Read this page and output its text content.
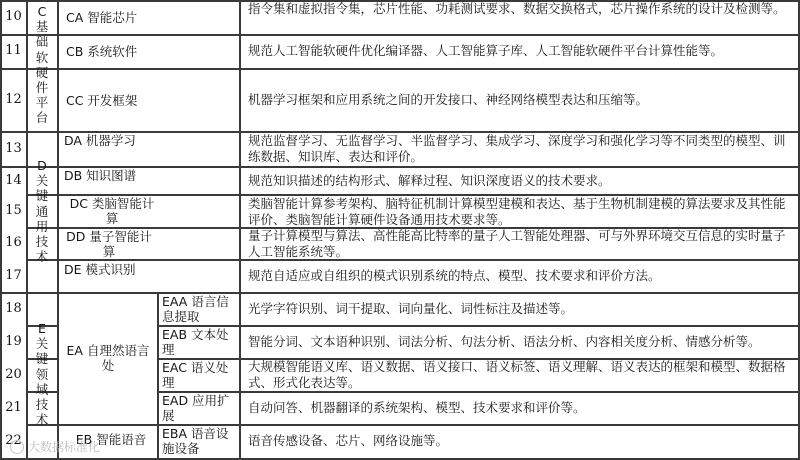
10
11
12
13
14
15
16
17
18
19
20
21
22
C基础软硬件平台
D关键通用技术
E关键领域技术
CA 智能芯片
CB 系统软件
CC 开发框架
DA 机器学习
DB 知识图谱
DC 类脑智能计算
DD 量子智能计算
DE 模式识别
EA 自理然语言处
EB 智能语音
EAA 语言信息提取
EAB 文本处理
EAC 语义处理
EAD 应用扩展
EBA 语音设施设备
指令集和虚拟指令集，芯片性能、功耗测试要求、数据交换格式，芯片操作系统的设计及检测等。
规范人工智能软硬件优化编译器、人工智能算子库、人工智能软硬件平台计算性能等。
机器学习框架和应用系统之间的开发接口、神经网络模型表达和压缩等。
规范监督学习、无监督学习、半监督学习、集成学习、深度学习和强化学习等不同类型的模型、训练数据、知识库、表达和评价。
规范知识描述的结构形式、解释过程、知识深度语义的技术要求。
类脑智能计算参考架构、脑特征机制计算模型建模和表达、基于生物机制建模的算法要求及其性能评价、类脑智能计算硬件设备通用技术要求等。
量子计算模型与算法、高性能高比特率的量子人工智能处理器、可与外界环境交互信息的实时量子人工智能系统等。
规范自适应或自组织的模式识别系统的特点、模型、技术要求和评价方法。
光学字符识别、词干提取、词向量化、词性标注及描述等。
智能分词、文本语种识别、词法分析、句法分析、语法分析、内容相关度分析、情感分析等。
大规模智能语义库、语义数据、语义接口、语义标签、语义理解、语义表达的框架和模型、数据格式、形式化表达等。
自动问答、机器翻译的系统架构、模型、技术要求和评价等。
语音传感设备、芯片、网络设施等。
大数据标准化
